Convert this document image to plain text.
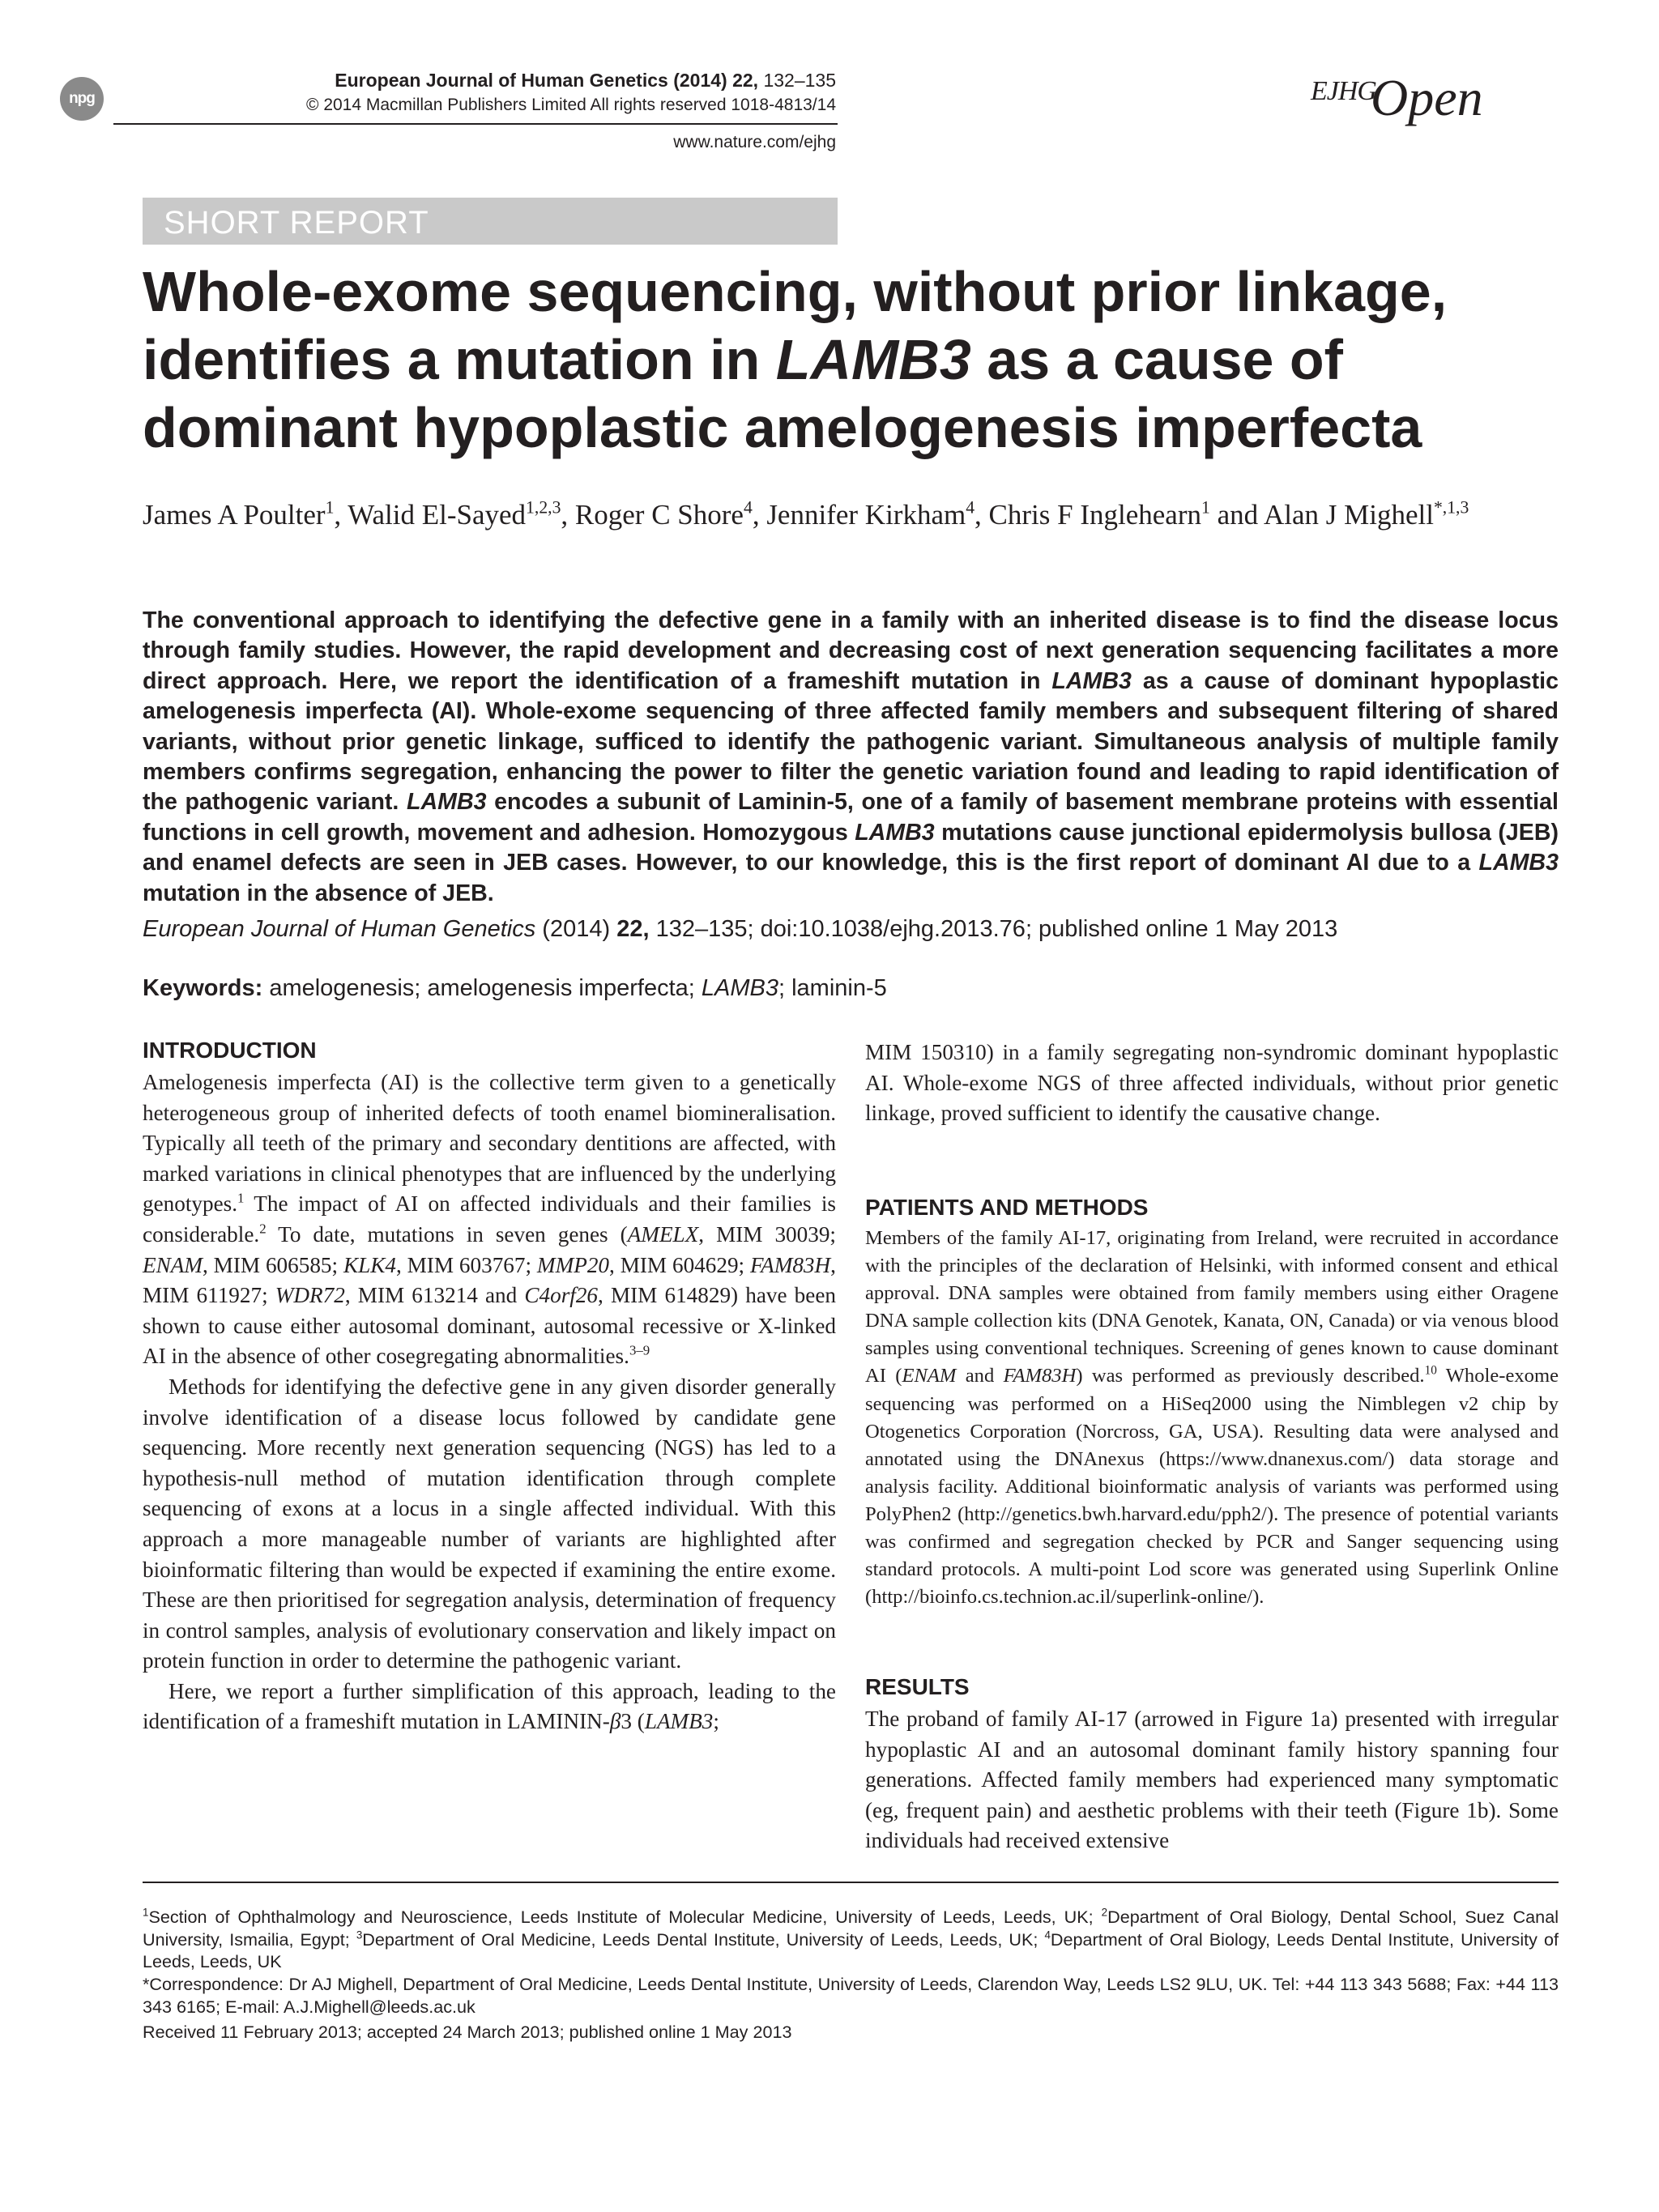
npg
European Journal of Human Genetics (2014) 22, 132–135
© 2014 Macmillan Publishers Limited All rights reserved 1018-4813/14
www.nature.com/ejhg
EJHG
Open
SHORT REPORT
Whole-exome sequencing, without prior linkage, identifies a mutation in LAMB3 as a cause of dominant hypoplastic amelogenesis imperfecta
James A Poulter$^1$, Walid El-Sayed$^{1,2,3}$, Roger C Shore$^4$, Jennifer Kirkham$^4$, Chris F Inglehearn$^1$ and Alan J Mighell$^{*,1,3}$

The conventional approach to identifying the defective gene in a family with an inherited disease is to find the disease locus through family studies. However, the rapid development and decreasing cost of next generation sequencing facilitates a more direct approach. Here, we report the identification of a frameshift mutation in LAMB3 as a cause of dominant hypoplastic amelogenesis imperfecta (AI). Whole-exome sequencing of three affected family members and subsequent filtering of shared variants, without prior genetic linkage, sufficed to identify the pathogenic variant. Simultaneous analysis of multiple family members confirms segregation, enhancing the power to filter the genetic variation found and leading to rapid identification of the pathogenic variant. LAMB3 encodes a subunit of Laminin-5, one of a family of basement membrane proteins with essential functions in cell growth, movement and adhesion. Homozygous LAMB3 mutations cause junctional epidermolysis bullosa (JEB) and enamel defects are seen in JEB cases. However, to our knowledge, this is the first report of dominant AI due to a LAMB3 mutation in the absence of JEB.

European Journal of Human Genetics (2014) 22, 132–135; doi:10.1038/ejhg.2013.76; published online 1 May 2013
Keywords: amelogenesis; amelogenesis imperfecta; LAMB3; laminin-5
INTRODUCTION

Amelogenesis imperfecta (AI) is the collective term given to a genetically heterogeneous group of inherited defects of tooth enamel biomineralisation. Typically all teeth of the primary and secondary dentitions are affected, with marked variations in clinical phenotypes that are influenced by the underlying genotypes.$^1$ The impact of AI on affected individuals and their families is considerable.$^2$ To date, mutations in seven genes (AMELX, MIM 30039; ENAM, MIM 606585; KLK4, MIM 603767; MMP20, MIM 604629; FAM83H, MIM 611927; WDR72, MIM 613214 and C4orf26, MIM 614829) have been shown to cause either autosomal dominant, autosomal recessive or X-linked AI in the absence of other cosegregating abnormalities.$^{3-9}$

Methods for identifying the defective gene in any given disorder generally involve identification of a disease locus followed by candidate gene sequencing. More recently next generation sequencing (NGS) has led to a hypothesis-null method of mutation identification through complete sequencing of exons at a locus in a single affected individual. With this approach a more manageable number of variants are highlighted after bioinformatic filtering than would be expected if examining the entire exome. These are then prioritised for segregation analysis, determination of frequency in control samples, analysis of evolutionary conservation and likely impact on protein function in order to determine the pathogenic variant.

Here, we report a further simplification of this approach, leading to the identification of a frameshift mutation in LAMININ-β3 (LAMB3;

MIM 150310) in a family segregating non-syndromic dominant hypoplastic AI. Whole-exome NGS of three affected individuals, without prior genetic linkage, proved sufficient to identify the causative change.
PATIENTS AND METHODS

Members of the family AI-17, originating from Ireland, were recruited in accordance with the principles of the declaration of Helsinki, with informed consent and ethical approval. DNA samples were obtained from family members using either Oragene DNA sample collection kits (DNA Genotek, Kanata, ON, Canada) or via venous blood samples using conventional techniques. Screening of genes known to cause dominant AI (ENAM and FAM83H) was performed as previously described.$^{10}$ Whole-exome sequencing was performed on a HiSeq2000 using the Nimblegen v2 chip by Otogenetics Corporation (Norcross, GA, USA). Resulting data were analysed and annotated using the DNAnexus (https://www.dnanexus.com/) data storage and analysis facility. Additional bioinformatic analysis of variants was performed using PolyPhen2 (http://genetics.bwh.harvard.edu/pph2/). The presence of potential variants was confirmed and segregation checked by PCR and Sanger sequencing using standard protocols. A multi-point Lod score was generated using Superlink Online (http://bioinfo.cs.technion.ac.il/superlink-online/).

RESULTS
The proband of family AI-17 (arrowed in Figure 1a) presented with irregular hypoplastic AI and an autosomal dominant family history spanning four generations. Affected family members had experienced many symptomatic (eg, frequent pain) and aesthetic problems with their teeth (Figure 1b). Some individuals had received extensive

$^1$Section of Ophthalmology and Neuroscience, Leeds Institute of Molecular Medicine, University of Leeds, Leeds, UK; $^2$Department of Oral Biology, Dental School, Suez Canal University, Ismailia, Egypt; $^3$Department of Oral Medicine, Leeds Dental Institute, University of Leeds, Leeds, UK; $^4$Department of Oral Biology, Leeds Dental Institute, University of Leeds, Leeds, UK

*Correspondence: Dr AJ Mighell, Department of Oral Medicine, Leeds Dental Institute, University of Leeds, Clarendon Way, Leeds LS2 9LU, UK. Tel: +44 113 343 5688; Fax: +44 113 343 6165; E-mail: A.J.Mighell@leeds.ac.uk

Received 11 February 2013; accepted 24 March 2013; published online 1 May 2013
